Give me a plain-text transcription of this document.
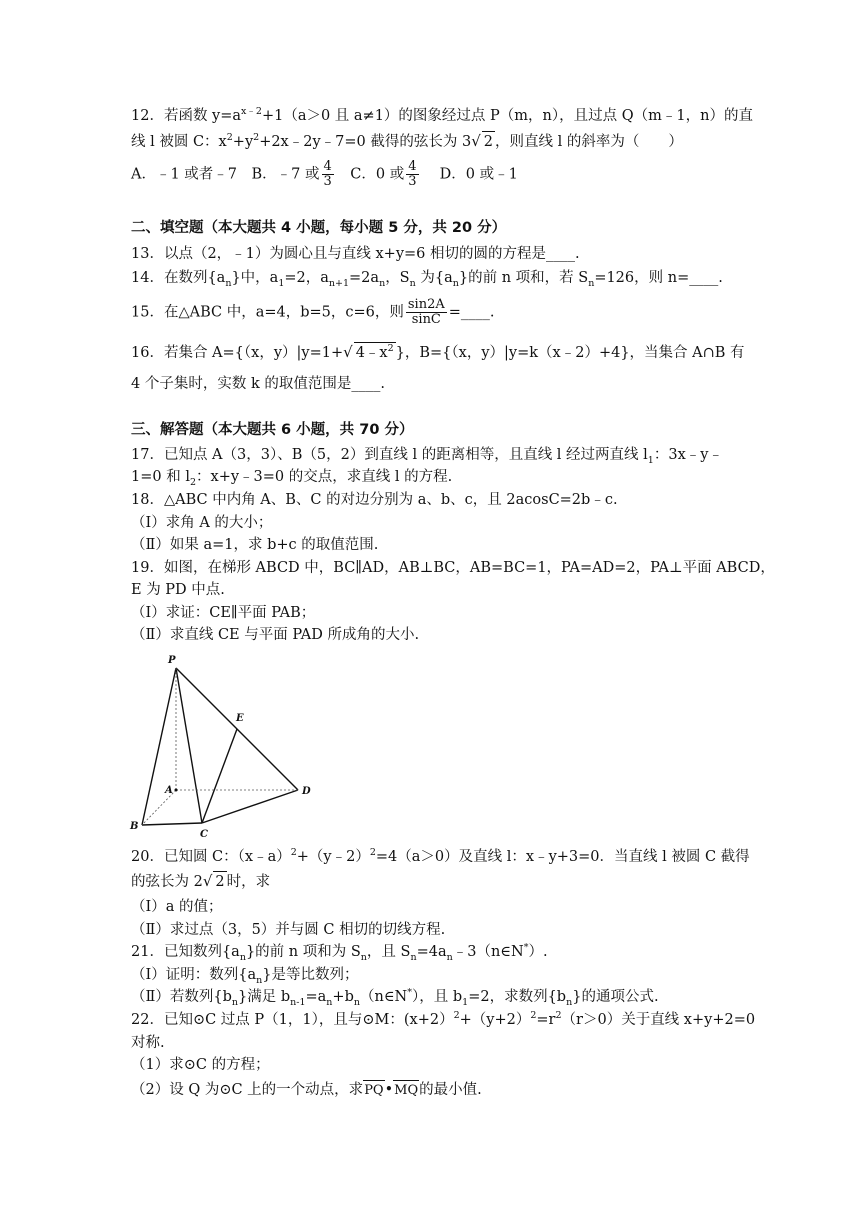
12．若函数 $y=a^{x﹣2}+1(a>0$ 且 a≠1）的图象经过点 P（m，n），且过点 Q（m﹣1，n）的直
线 l 被圆 C：$x^2+y^2+2x﹣2y﹣7=0$ 截得的弦长为 3√ 2 ，则直线 l 的斜率为（　　）
A．﹣1 或者﹣7　B．﹣7 或 $\frac{4}{3}$ 　C．0 或 $\frac{4}{3}$ 　 D．0 或﹣1
二、填空题（本大题共 4 小题，每小题 5 分，共 20 分）
13．以点（2，﹣1）为圆心且与直线 x+y=6 相切的圆的方程是____.
14．在数列$\{a_n\}$中，$a_1=2$，$a_{n+1}=2a_n$，$S_n$ 为$\{a_n\}$的前 n 项和，若 $S_n=126$，则 n=____.
15．在△ABC 中，a=4，b=5，c=6，则 $\frac{\sin 2A}{\sin C}$ =____.
16．若集合 A={（x，y）|y=1+√ $4﹣x^2$ }，B={（x，y）|y=k（x﹣2）+4}，当集合 A∩B 有
4 个子集时，实数 k 的取值范围是____.
三、解答题（本大题共 6 小题，共 70 分）
17．已知点 A（3，3）、B（5，2）到直线 l 的距离相等，且直线 l 经过两直线 $l_1$：3x﹣y﹣
1=0 和 $l_2$：x+y﹣3=0 的交点，求直线 l 的方程.
18．△ABC 中内角 A、B、C 的对边分别为 a、b、c，且 2acosC=2b﹣c.
（Ⅰ）求角 A 的大小；
（Ⅱ）如果 a=1，求 b+c 的取值范围.
19．如图，在梯形 ABCD 中，BC∥AD，AB⊥BC，AB=BC=1，PA=AD=2，PA⊥平面 ABCD，
E 为 PD 中点.
（Ⅰ）求证：CE∥平面 PAB；
（Ⅱ）求直线 CE 与平面 PAD 所成角的大小.
P
E
A	D
B
C
20．已知圆 C：（x﹣a）$^2$+（y﹣2）$^2$=4（a＞0）及直线 l：x﹣y+3=0．当直线 l 被圆 C 截得
的弦长为 2√ 2 时，求
（Ⅰ）a 的值；
（Ⅱ）求过点（3，5）并与圆 C 相切的切线方程.
21．已知数列$\{a_n\}$的前 n 项和为 $S_n$，且 $S_n=4a_n﹣3(n\in N^*)$.
（Ⅰ）证明：数列$\{a_n\}$是等比数列；
（Ⅱ）若数列$\{b_n\}$满足 $b_{n-1}=a_n+b_n(n\in N^*)$，且 $b_1=2$，求数列$\{b_n\}$的通项公式.
22．已知⊙C 过点 P（1，1），且与⊙M：$(x+2)^2+(y+2)^2=r^2(r>0)$关于直线 x+y+2=0
对称.
（1）求⊙C 的方程；
（2）设 Q 为⊙C 上的一个动点，求PQ•MQ的最小值.
